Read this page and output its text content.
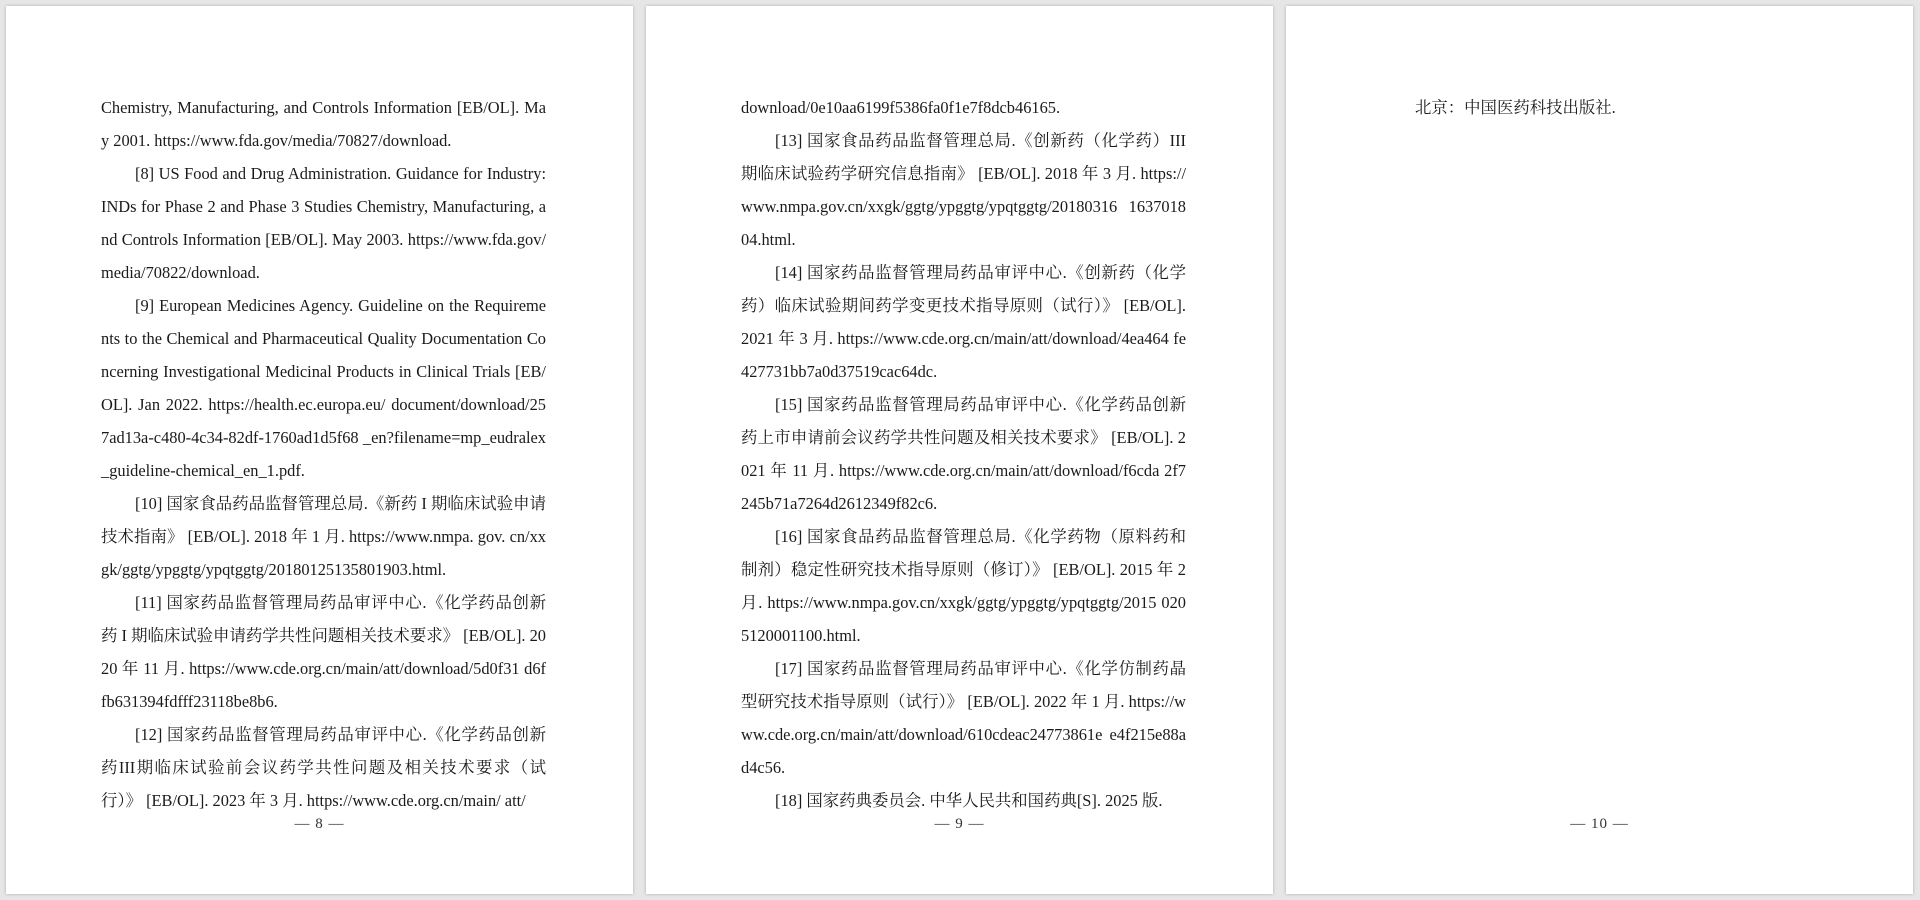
Chemistry, Manufacturing, and Controls Information [EB/OL]. May 2001. https://www.fda.gov/media/70827/download.

[8] US Food and Drug Administration. Guidance for Industry: INDs for Phase 2 and Phase 3 Studies Chemistry, Manufacturing, and Controls Information [EB/OL]. May 2003. https://www.fda.gov/media/70822/download.

[9] European Medicines Agency. Guideline on the Requirements to the Chemical and Pharmaceutical Quality Documentation Concerning Investigational Medicinal Products in Clinical Trials [EB/OL]. Jan 2022. https://health.ec.europa.eu/ document/download/257ad13a-c480-4c34-82df-1760ad1d5f68 _en?filename=mp_eudralex_guideline-chemical_en_1.pdf.

[10] 国家食品药品监督管理总局.《新药 I 期临床试验申请技术指南》 [EB/OL]. 2018 年 1 月. https://www.nmpa. gov. cn/xxgk/ggtg/ypggtg/ypqtggtg/20180125135801903.html.

[11] 国家药品监督管理局药品审评中心.《化学药品创新药 I 期临床试验申请药学共性问题相关技术要求》 [EB/OL]. 2020 年 11 月. https://www.cde.org.cn/main/att/download/5d0f31 d6ffb631394fdfff23118be8b6.

[12] 国家药品监督管理局药品审评中心.《化学药品创新药III期临床试验前会议药学共性问题及相关技术要求（试行）》 [EB/OL]. 2023 年 3 月. https://www.cde.org.cn/main/ att/

— 8 —

download/0e10aa6199f5386fa0f1e7f8dcb46165.

[13] 国家食品药品监督管理总局.《创新药（化学药）III期临床试验药学研究信息指南》 [EB/OL]. 2018 年 3 月. https://www.nmpa.gov.cn/xxgk/ggtg/ypggtg/ypqtggtg/20180316 163701804.html.

[14] 国家药品监督管理局药品审评中心.《创新药（化学药）临床试验期间药学变更技术指导原则（试行）》 [EB/OL]. 2021 年 3 月. https://www.cde.org.cn/main/att/download/4ea464 fe427731bb7a0d37519cac64dc.

[15] 国家药品监督管理局药品审评中心.《化学药品创新药上市申请前会议药学共性问题及相关技术要求》 [EB/OL]. 2021 年 11 月. https://www.cde.org.cn/main/att/download/f6cda 2f7245b71a7264d2612349f82c6.

[16] 国家食品药品监督管理总局.《化学药物（原料药和制剂）稳定性研究技术指导原则（修订）》 [EB/OL]. 2015 年 2 月. https://www.nmpa.gov.cn/xxgk/ggtg/ypggtg/ypqtggtg/2015 0205120001100.html.

[17] 国家药品监督管理局药品审评中心.《化学仿制药晶型研究技术指导原则（试行）》 [EB/OL]. 2022 年 1 月. https://www.cde.org.cn/main/att/download/610cdeac24773861e e4f215e88ad4c56.

[18] 国家药典委员会. 中华人民共和国药典[S]. 2025 版.

— 9 —

北京：中国医药科技出版社.

— 10 —
